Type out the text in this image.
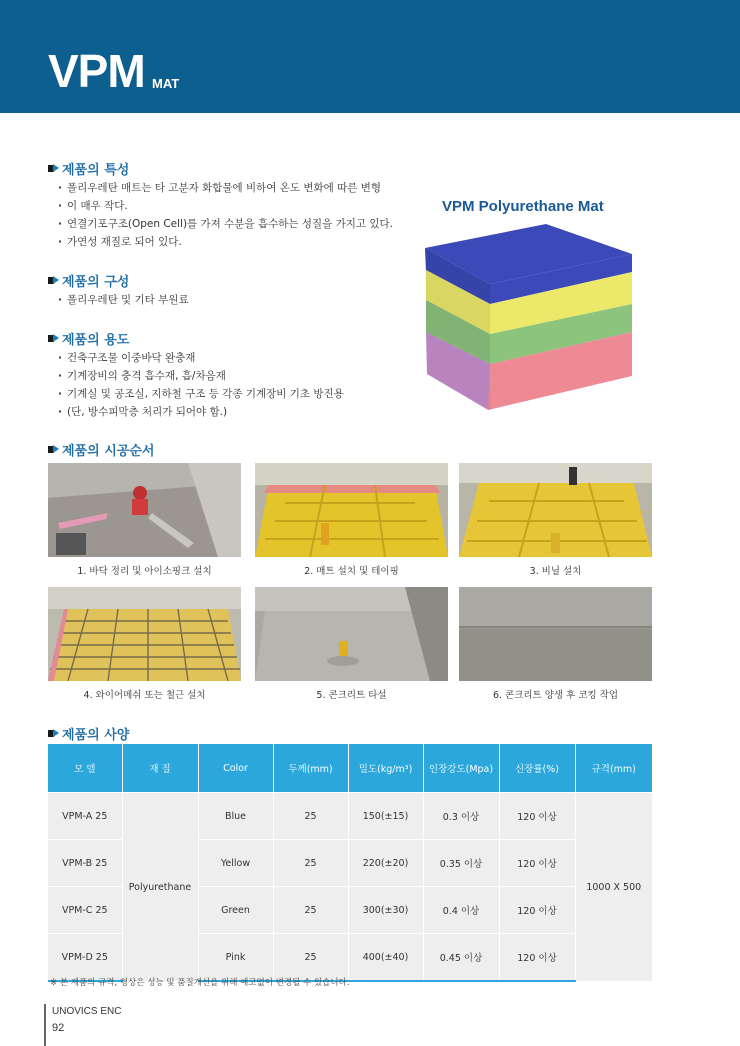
VPM MAT
제품의 특성
· 폴리우레탄 매트는 타 고분자 화합물에 비하여 온도 변화에 따른 변형
· 이 매우 작다.
· 연결기포구조(Open Cell)를 가져 수분을 흡수하는 성질을 가지고 있다.
· 가연성 재질로 되어 있다.
제품의 구성
· 폴리우레탄 및 기타 부원료
제품의 용도
· 건축구조물 이중바닥 완충재
· 기계장비의 충격 흡수재, 흡/차음재
· 기계실 및 공조실, 지하철 구조 등 각종 기계장비 기초 방진용
· (단, 방수피막층 처리가 되어야 함.)
VPM Polyurethane Mat
제품의 시공순서
1. 바닥 정리 및 아이소핑크 설치	2. 매트 설치 및 테이핑	3. 비닐 설치
4. 와이어메쉬 또는 철근 설치	5. 콘크리트 타설	6. 콘크리트 양생 후 코킹 작업
제품의 사양
모 델	재 질	Color	두께(mm)	밀도(kg/m³)	인장강도(Mpa)	신장률(%)	규격(mm)
VPM-A 25	Polyurethane	Blue	25	150(±15)	0.3 이상	120 이상	1000 X 500
VPM-B 25		Yellow	25	220(±20)	0.35 이상	120 이상	
VPM-C 25		Green	25	300(±30)	0.4 이상	120 이상	
VPM-D 25		Pink	25	400(±40)	0.45 이상	120 이상	
※ 본 제품의 규격, 형상은 성능 및 품질개선을 위해 예고없이 변경될 수 있습니다.
UNOVICS ENC
92
